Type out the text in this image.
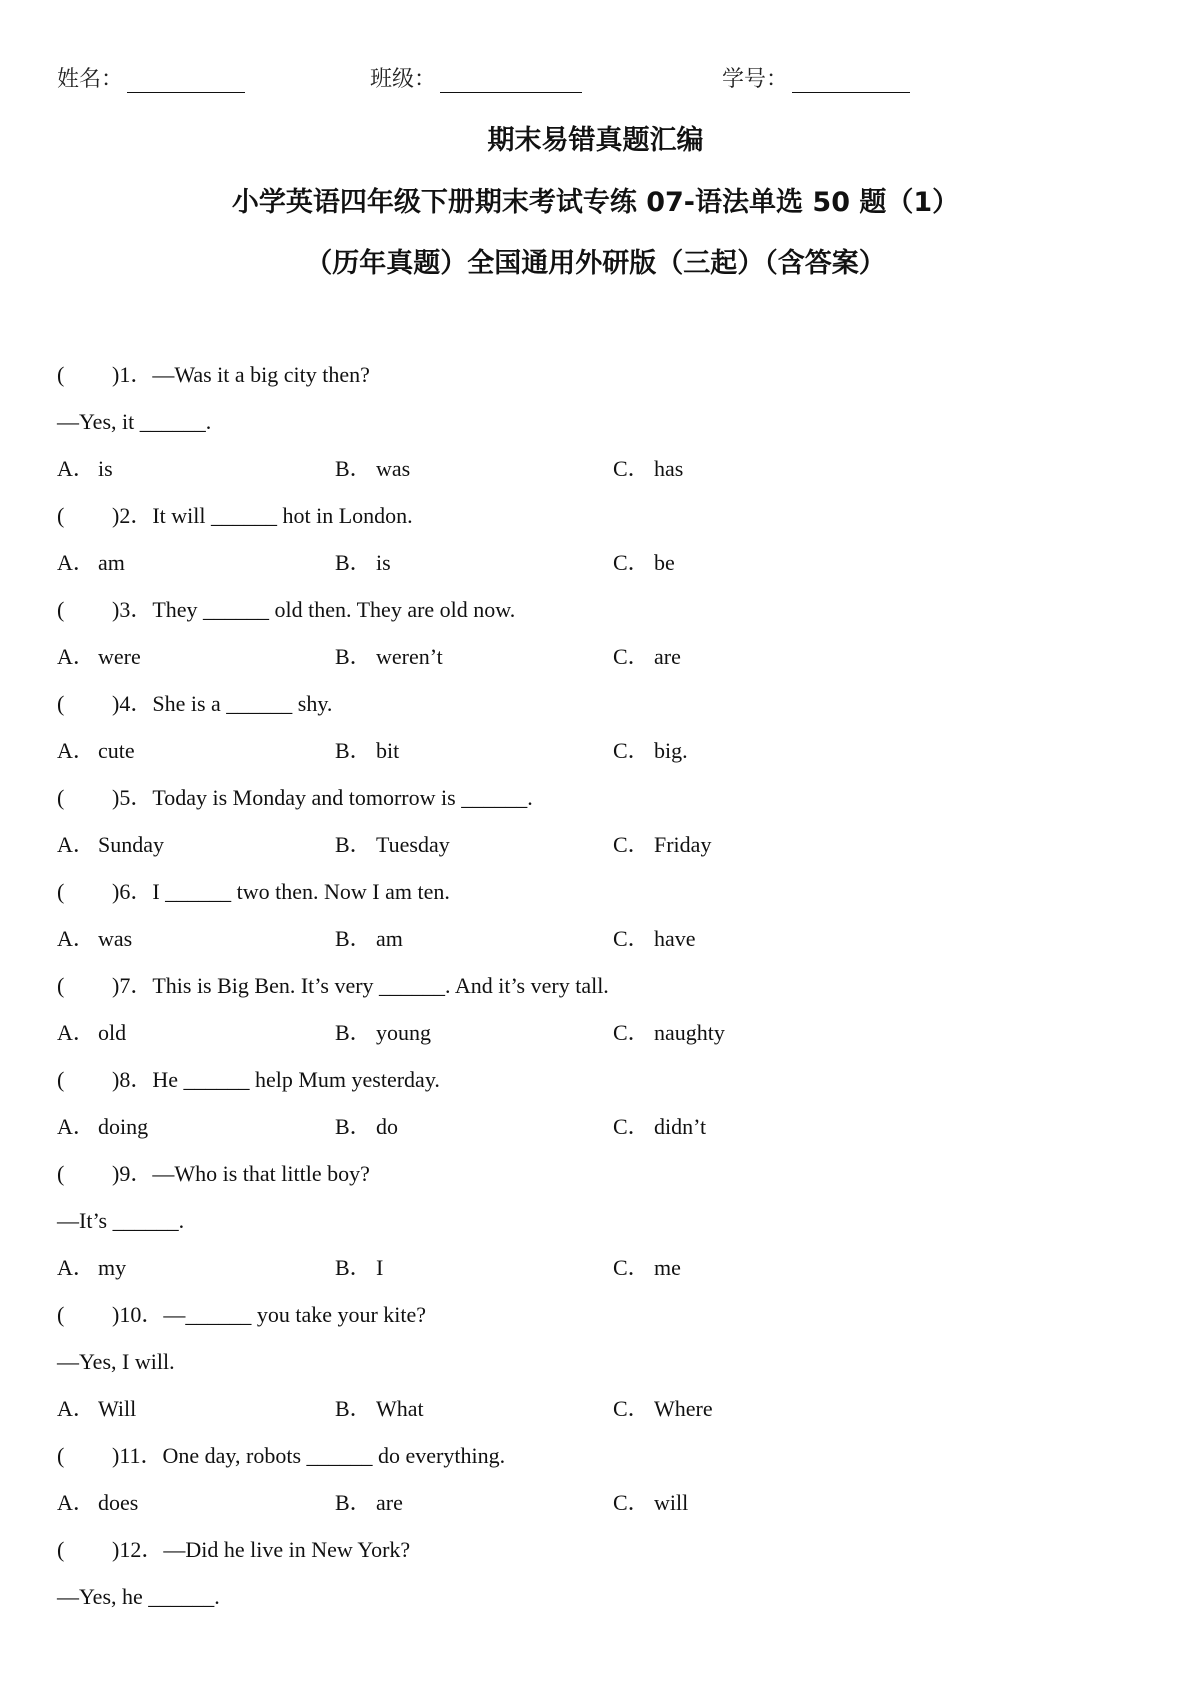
姓名：	班级：	学号：
期末易错真题汇编
小学英语四年级下册期末考试专练 07-语法单选 50 题（1）
（历年真题）全国通用外研版（三起）（含答案）
( )1．—Was it a big city then?
—Yes, it ______.
A． is	B． was	C． has
( )2．It will ______ hot in London.
A． am	B． is	C． be
( )3．They ______ old then. They are old now.
A． were	B． weren’t	C． are
( )4．She is a ______ shy.
A． cute	B． bit	C． big.
( )5．Today is Monday and tomorrow is ______.
A． Sunday	B． Tuesday	C． Friday
( )6．I ______ two then. Now I am ten.
A． was	B． am	C． have
( )7．This is Big Ben. It’s very ______. And it’s very tall.
A． old	B． young	C． naughty
( )8．He ______ help Mum yesterday.
A． doing	B． do	C． didn’t
( )9．—Who is that little boy?
—It’s ______.
A． my	B． I	C． me
( )10．—______ you take your kite?
—Yes, I will.
A． Will	B． What	C． Where
( )11．One day, robots ______ do everything.
A． does	B． are	C． will
( )12．—Did he live in New York?
—Yes, he ______.
